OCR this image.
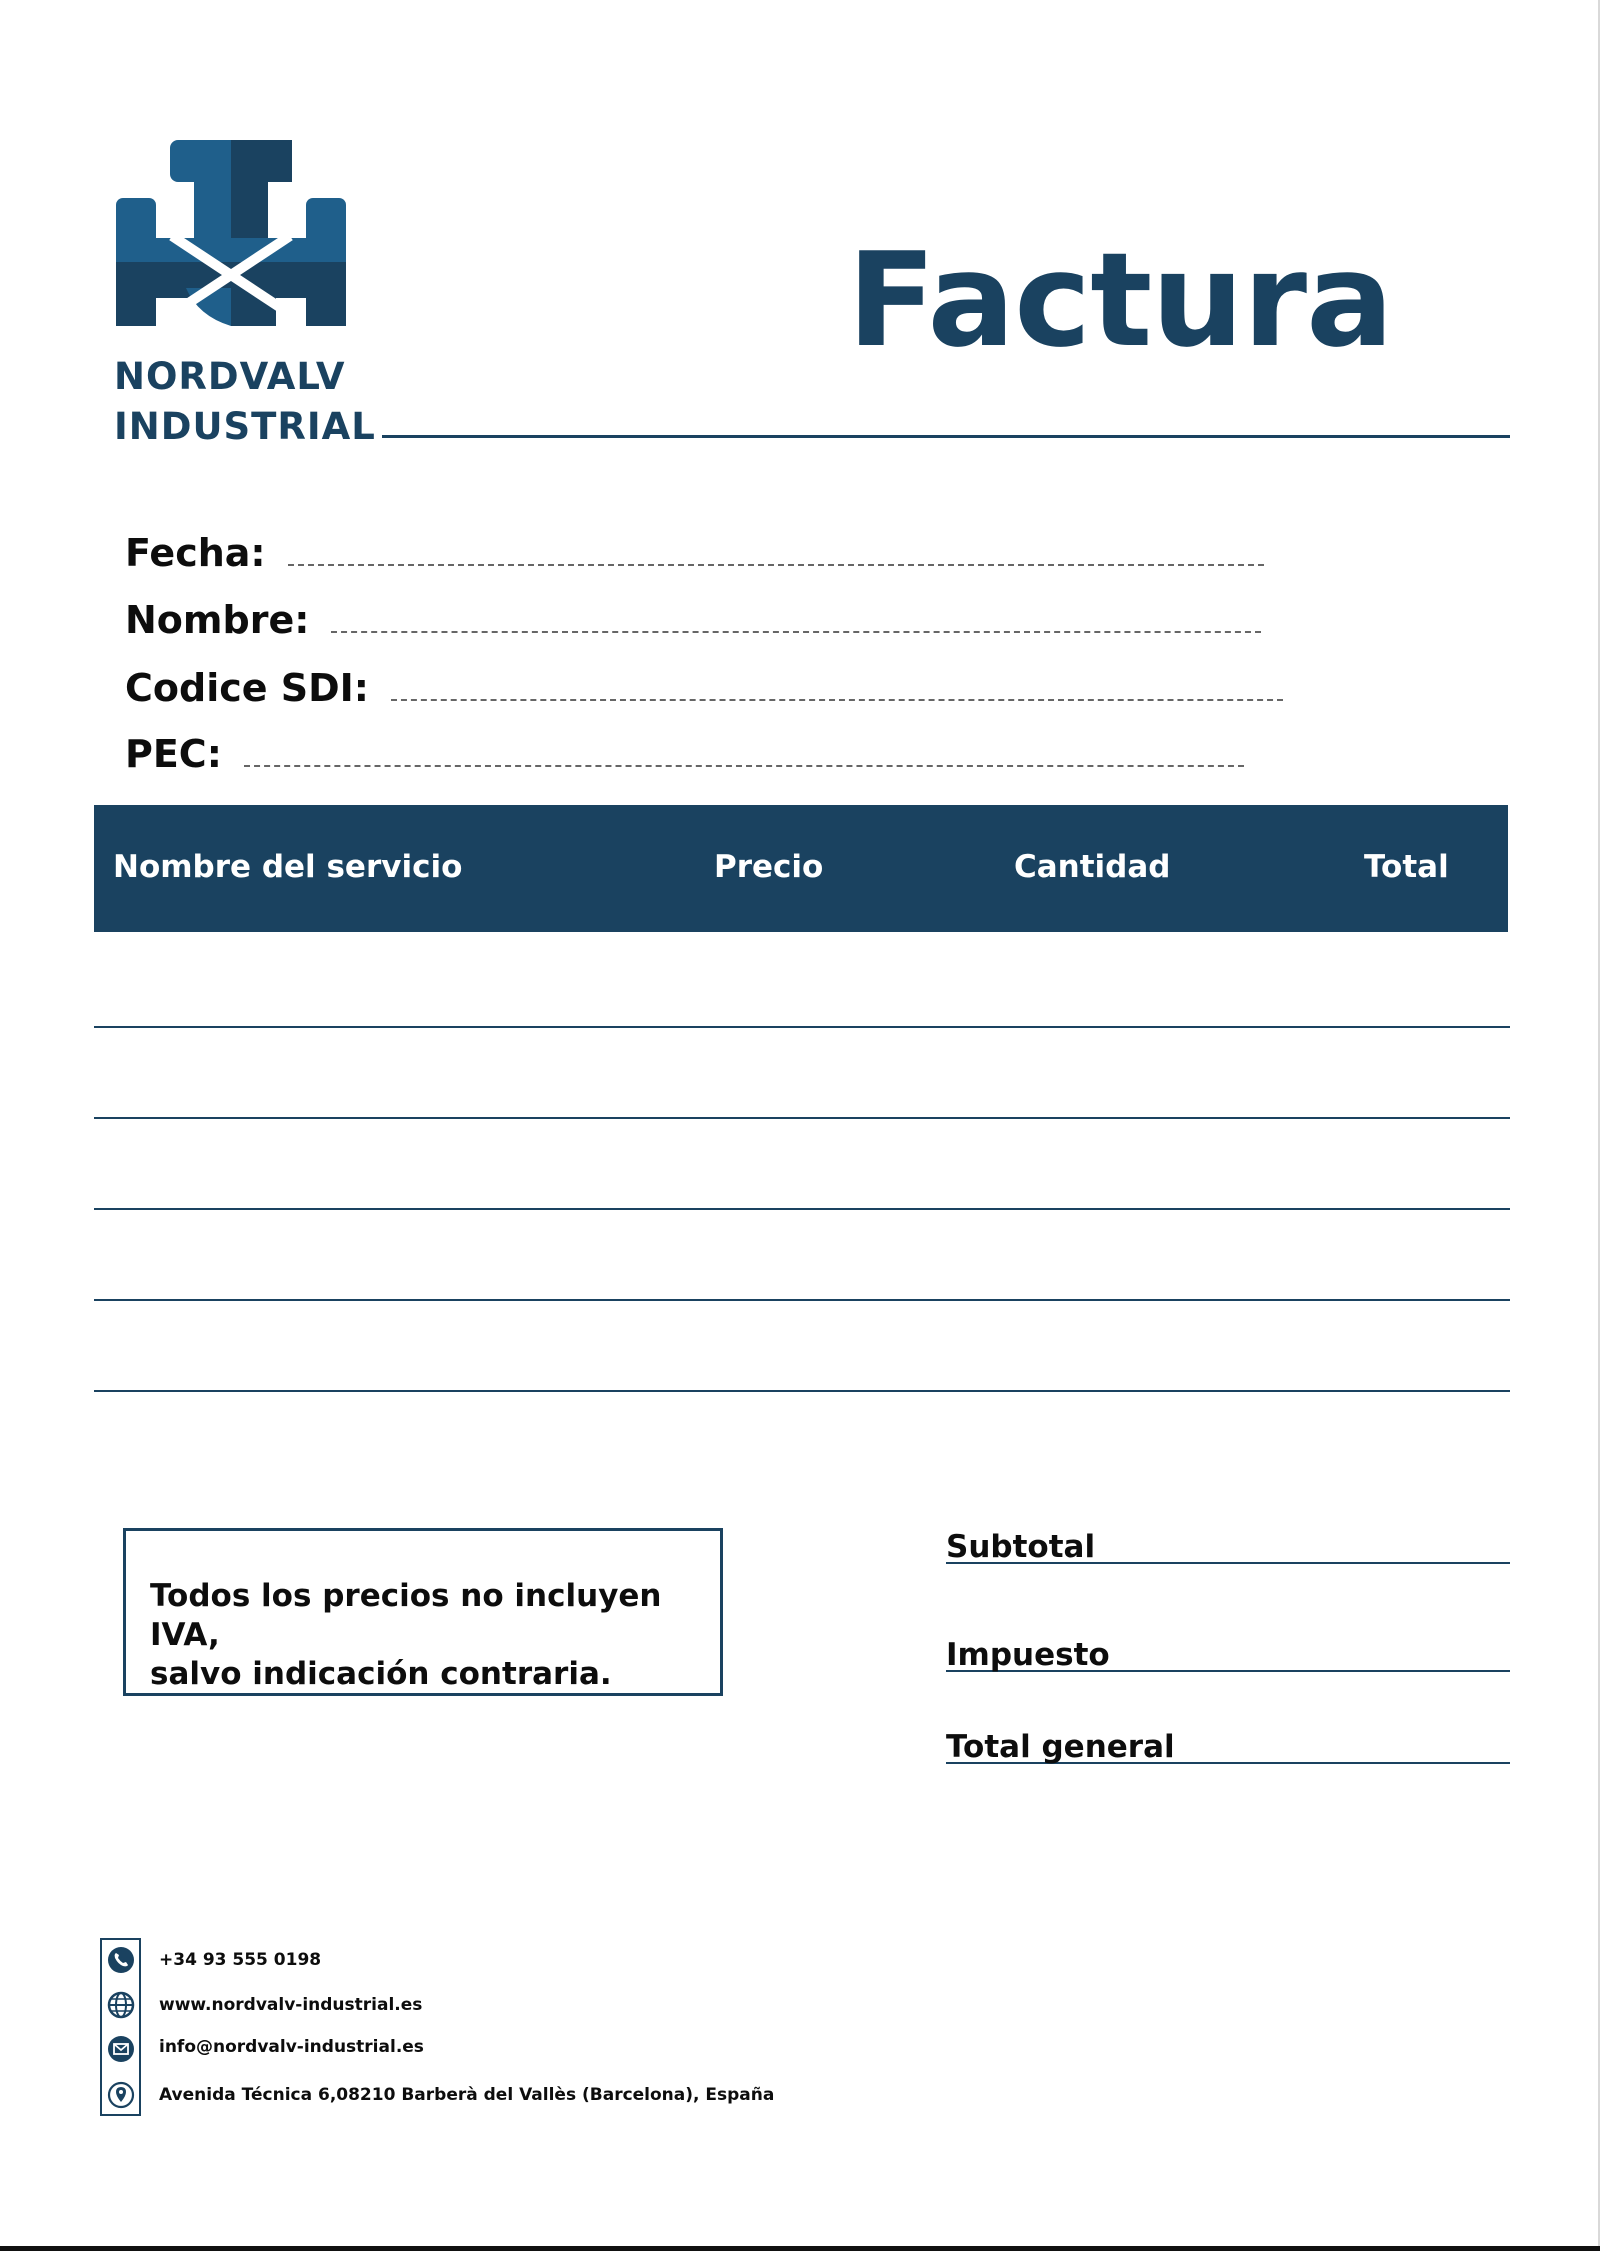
NORDVALV
INDUSTRIAL
Factura
Fecha:
Nombre:
Codice SDI:
PEC:
Nombre del servicio	Precio	Cantidad	Total
Todos los precios no incluyen IVA,
salvo indicación contraria.
Subtotal
Impuesto
Total general
+34 93 555 0198
www.nordvalv-industrial.es
info@nordvalv-industrial.es
Avenida Técnica 6,08210 Barberà del Vallès (Barcelona), España
